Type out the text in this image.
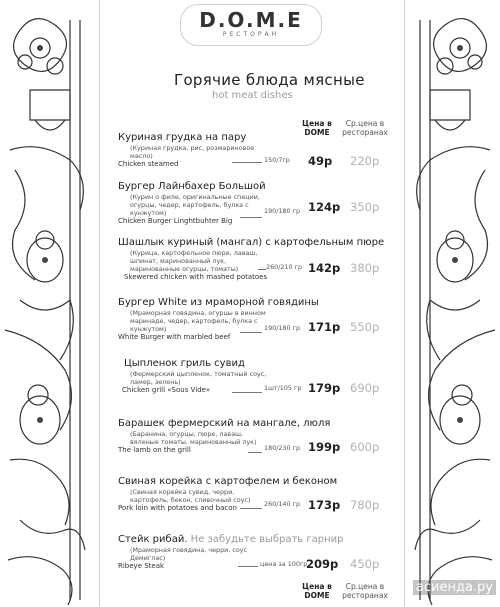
D.O.M.E
РЕСТОРАН
Горячие блюда мясные
hot meat dishes
Цена в
DOME
Ср.цена в
ресторанах
Цена в
DOME
Ср.цена в
ресторанах
Куриная грудка на пару
(Куриная грудка, рис, розмариновое масло)
Chicken steamed	150/7гр 49р 220р
Бургер Лайнбахер Большой
(Курин о филе, оригинальные специи, огурцы, чедер, картофель, булка с кунжутом)
Chicken Burger Linghtbuhter Big
190/180 гр 124р 350р
Шашлык куриный (мангал) с картофельным пюре
(Курица, картофельное пюре, лаваш, шпинат, маринованный лук, маринованные огурцы, томаты)
Skewered chicken with mashed potatoes
260/210 гр 142р 380р
Бургер White из мраморной говядины
(Мраморная говядина, огурцы в винном маринаде, чедер, картофель, булка с кунжутом)
White Burger with marbled beef
190/180 гр 171р 550р
Цыпленок гриль сувид
(Фермерский цыпленок, томатный соус, ламер, зелень)
Chicken grill «Sous Vide»	1шт/105 гр 179р 690р
Барашек фермерский на мангале, люля
(Баранина, огурцы, пюре, лаваш, вяленые томаты, маринованный лук)
The lamb on the grill	180/230 гр 199р 600р
Свиная корейка с картофелем и беконом
(Свиная корейка сувид, черри, картофель, бекон, сливочный соус)
Pork loin with potatoes and bacon	260/140 гр 173р 780р
Стейк рибай. Не забудьте выбрать гарнир
(Мраморная говядина, черри, соус Демиглас)
Ribeye Steak	цена за 100гр
209р 450р
асиенда.ру
